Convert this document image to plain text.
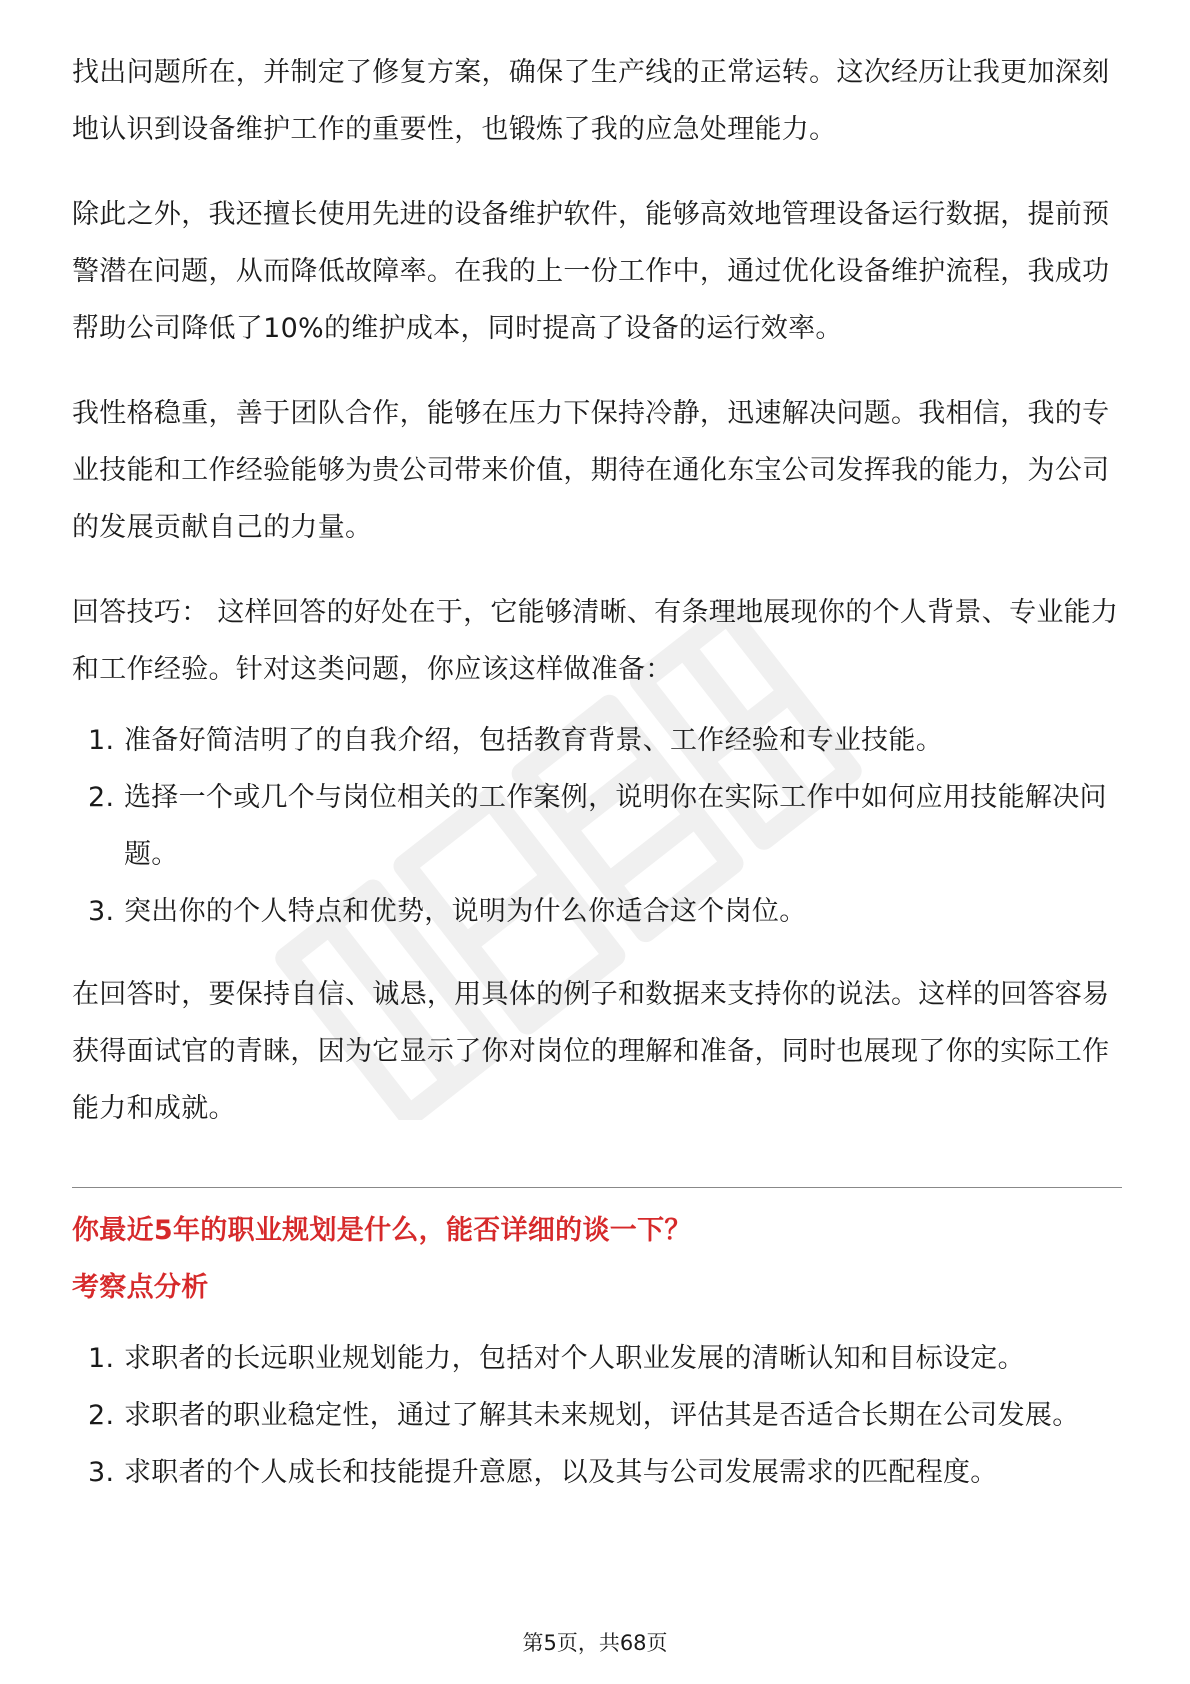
找出问题所在，并制定了修复方案，确保了生产线的正常运转。这次经历让我更加深刻地认识到设备维护工作的重要性，也锻炼了我的应急处理能力。

除此之外，我还擅长使用先进的设备维护软件，能够高效地管理设备运行数据，提前预警潜在问题，从而降低故障率。在我的上一份工作中，通过优化设备维护流程，我成功帮助公司降低了10%的维护成本，同时提高了设备的运行效率。

我性格稳重，善于团队合作，能够在压力下保持冷静，迅速解决问题。我相信，我的专业技能和工作经验能够为贵公司带来价值，期待在通化东宝公司发挥我的能力，为公司的发展贡献自己的力量。

回答技巧： 这样回答的好处在于，它能够清晰、有条理地展现你的个人背景、专业能力和工作经验。针对这类问题，你应该这样做准备：

1. 准备好简洁明了的自我介绍，包括教育背景、工作经验和专业技能。
2. 选择一个或几个与岗位相关的工作案例，说明你在实际工作中如何应用技能解决问题。
3. 突出你的个人特点和优势，说明为什么你适合这个岗位。

在回答时，要保持自信、诚恳，用具体的例子和数据来支持你的说法。这样的回答容易获得面试官的青睐，因为它显示了你对岗位的理解和准备，同时也展现了你的实际工作能力和成就。

你最近5年的职业规划是什么，能否详细的谈一下？
考察点分析
1. 求职者的长远职业规划能力，包括对个人职业发展的清晰认知和目标设定。
2. 求职者的职业稳定性，通过了解其未来规划，评估其是否适合长期在公司发展。
3. 求职者的个人成长和技能提升意愿，以及其与公司发展需求的匹配程度。
第5页，共68页
